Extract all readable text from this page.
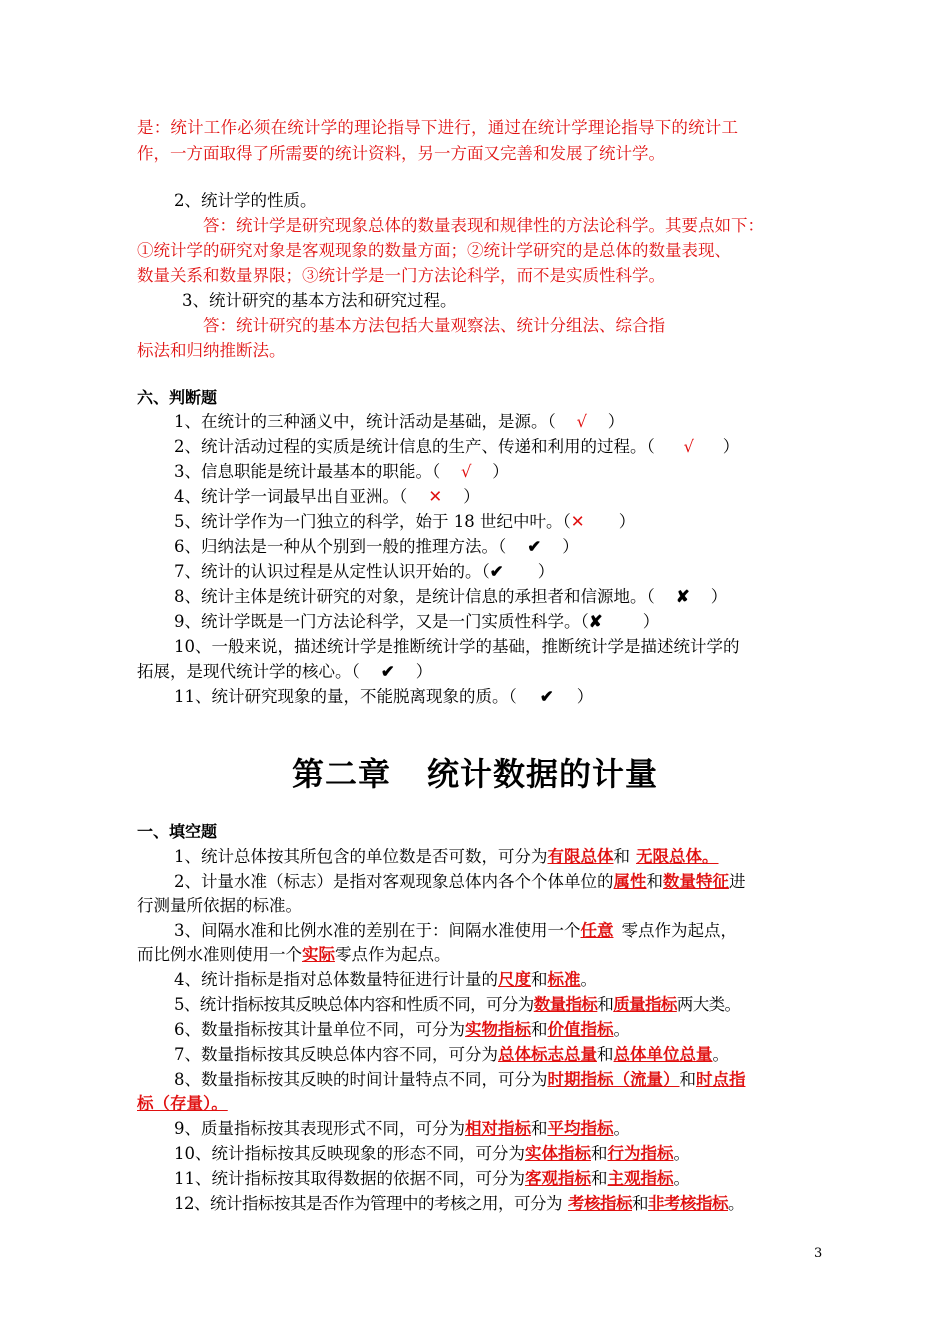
是：统计工作必须在统计学的理论指导下进行，通过在统计学理论指导下的统计工
作，一方面取得了所需要的统计资料，另一方面又完善和发展了统计学。
2、统计学的性质。
答：统计学是研究现象总体的数量表现和规律性的方法论科学。其要点如下：
①统计学的研究对象是客观现象的数量方面；②统计学研究的是总体的数量表现、
数量关系和数量界限；③统计学是一门方法论科学，而不是实质性科学。
3、统计研究的基本方法和研究过程。
答：统计研究的基本方法包括大量观察法、统计分组法、综合指
标法和归纳推断法。
六、判断题
1、在统计的三种涵义中，统计活动是基础，是源。（ √ ）
2、统计活动过程的实质是统计信息的生产、传递和利用的过程。（ √ ）
3、信息职能是统计最基本的职能。（ √ ）
4、统计学一词最早出自亚洲。（ ✕ ）
5、统计学作为一门独立的科学，始于 18 世纪中叶。（✕ ）
6、归纳法是一种从个别到一般的推理方法。（ ✔ ）
7、统计的认识过程是从定性认识开始的。（✔ ）
8、统计主体是统计研究的对象，是统计信息的承担者和信源地。（ ✘ ）
9、统计学既是一门方法论科学，又是一门实质性科学。（✘ ）
10、一般来说，描述统计学是推断统计学的基础，推断统计学是描述统计学的
拓展，是现代统计学的核心。（ ✔ ）
11、统计研究现象的量，不能脱离现象的质。（ ✔ ）
第二章 统计数据的计量
一、填空题
1、统计总体按其所包含的单位数是否可数，可分为有限总体和 无限总体。
2、计量水准（标志）是指对客观现象总体内各个个体单位的属性和数量特征进
行测量所依据的标准。
3、间隔水准和比例水准的差别在于：间隔水准使用一个任意 零点作为起点，
而比例水准则使用一个实际零点作为起点。
4、统计指标是指对总体数量特征进行计量的尺度和标准。
5、统计指标按其反映总体内容和性质不同，可分为数量指标和质量指标两大类。
6、数量指标按其计量单位不同，可分为实物指标和价值指标。
7、数量指标按其反映总体内容不同，可分为总体标志总量和总体单位总量。
8、数量指标按其反映的时间计量特点不同，可分为时期指标（流量）和时点指
标（存量）。
9、质量指标按其表现形式不同，可分为相对指标和平均指标。
10、统计指标按其反映现象的形态不同，可分为实体指标和行为指标。
11、统计指标按其取得数据的依据不同，可分为客观指标和主观指标。
12、统计指标按其是否作为管理中的考核之用，可分为 考核指标和非考核指标。
3
